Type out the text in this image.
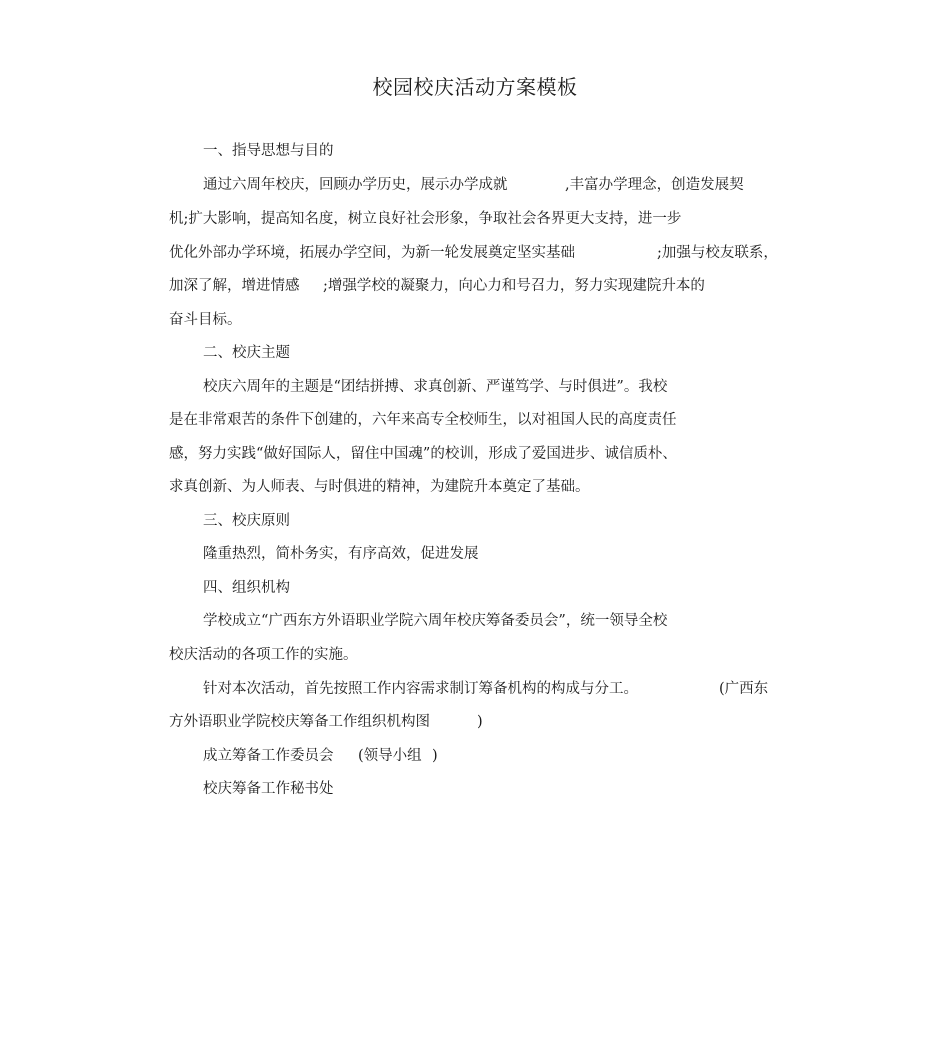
校园校庆活动方案模板

一、指导思想与目的

通过六周年校庆，回顾办学历史，展示办学成就	,丰富办学理念，创造发展契

机;扩大影响，提高知名度，树立良好社会形象，争取社会各界更大支持，进一步

优化外部办学环境，拓展办学空间，为新一轮发展奠定坚实基础	;加强与校友联系，

加深了解，增进情感 ;增强学校的凝聚力，向心力和号召力，努力实现建院升本的

奋斗目标。

二、校庆主题

校庆六周年的主题是“团结拼搏、求真创新、严谨笃学、与时俱进”。我校

是在非常艰苦的条件下创建的，六年来高专全校师生，以对祖国人民的高度责任

感，努力实践“做好国际人，留住中国魂”的校训，形成了爱国进步、诚信质朴、

求真创新、为人师表、与时俱进的精神，为建院升本奠定了基础。

三、校庆原则

隆重热烈，简朴务实，有序高效，促进发展

四、组织机构

学校成立“广西东方外语职业学院六周年校庆筹备委员会”，统一领导全校

校庆活动的各项工作的实施。

针对本次活动，首先按照工作内容需求制订筹备机构的构成与分工。	(广西东

方外语职业学院校庆筹备工作组织机构图	)

成立筹备工作委员会 (领导小组 )

校庆筹备工作秘书处
